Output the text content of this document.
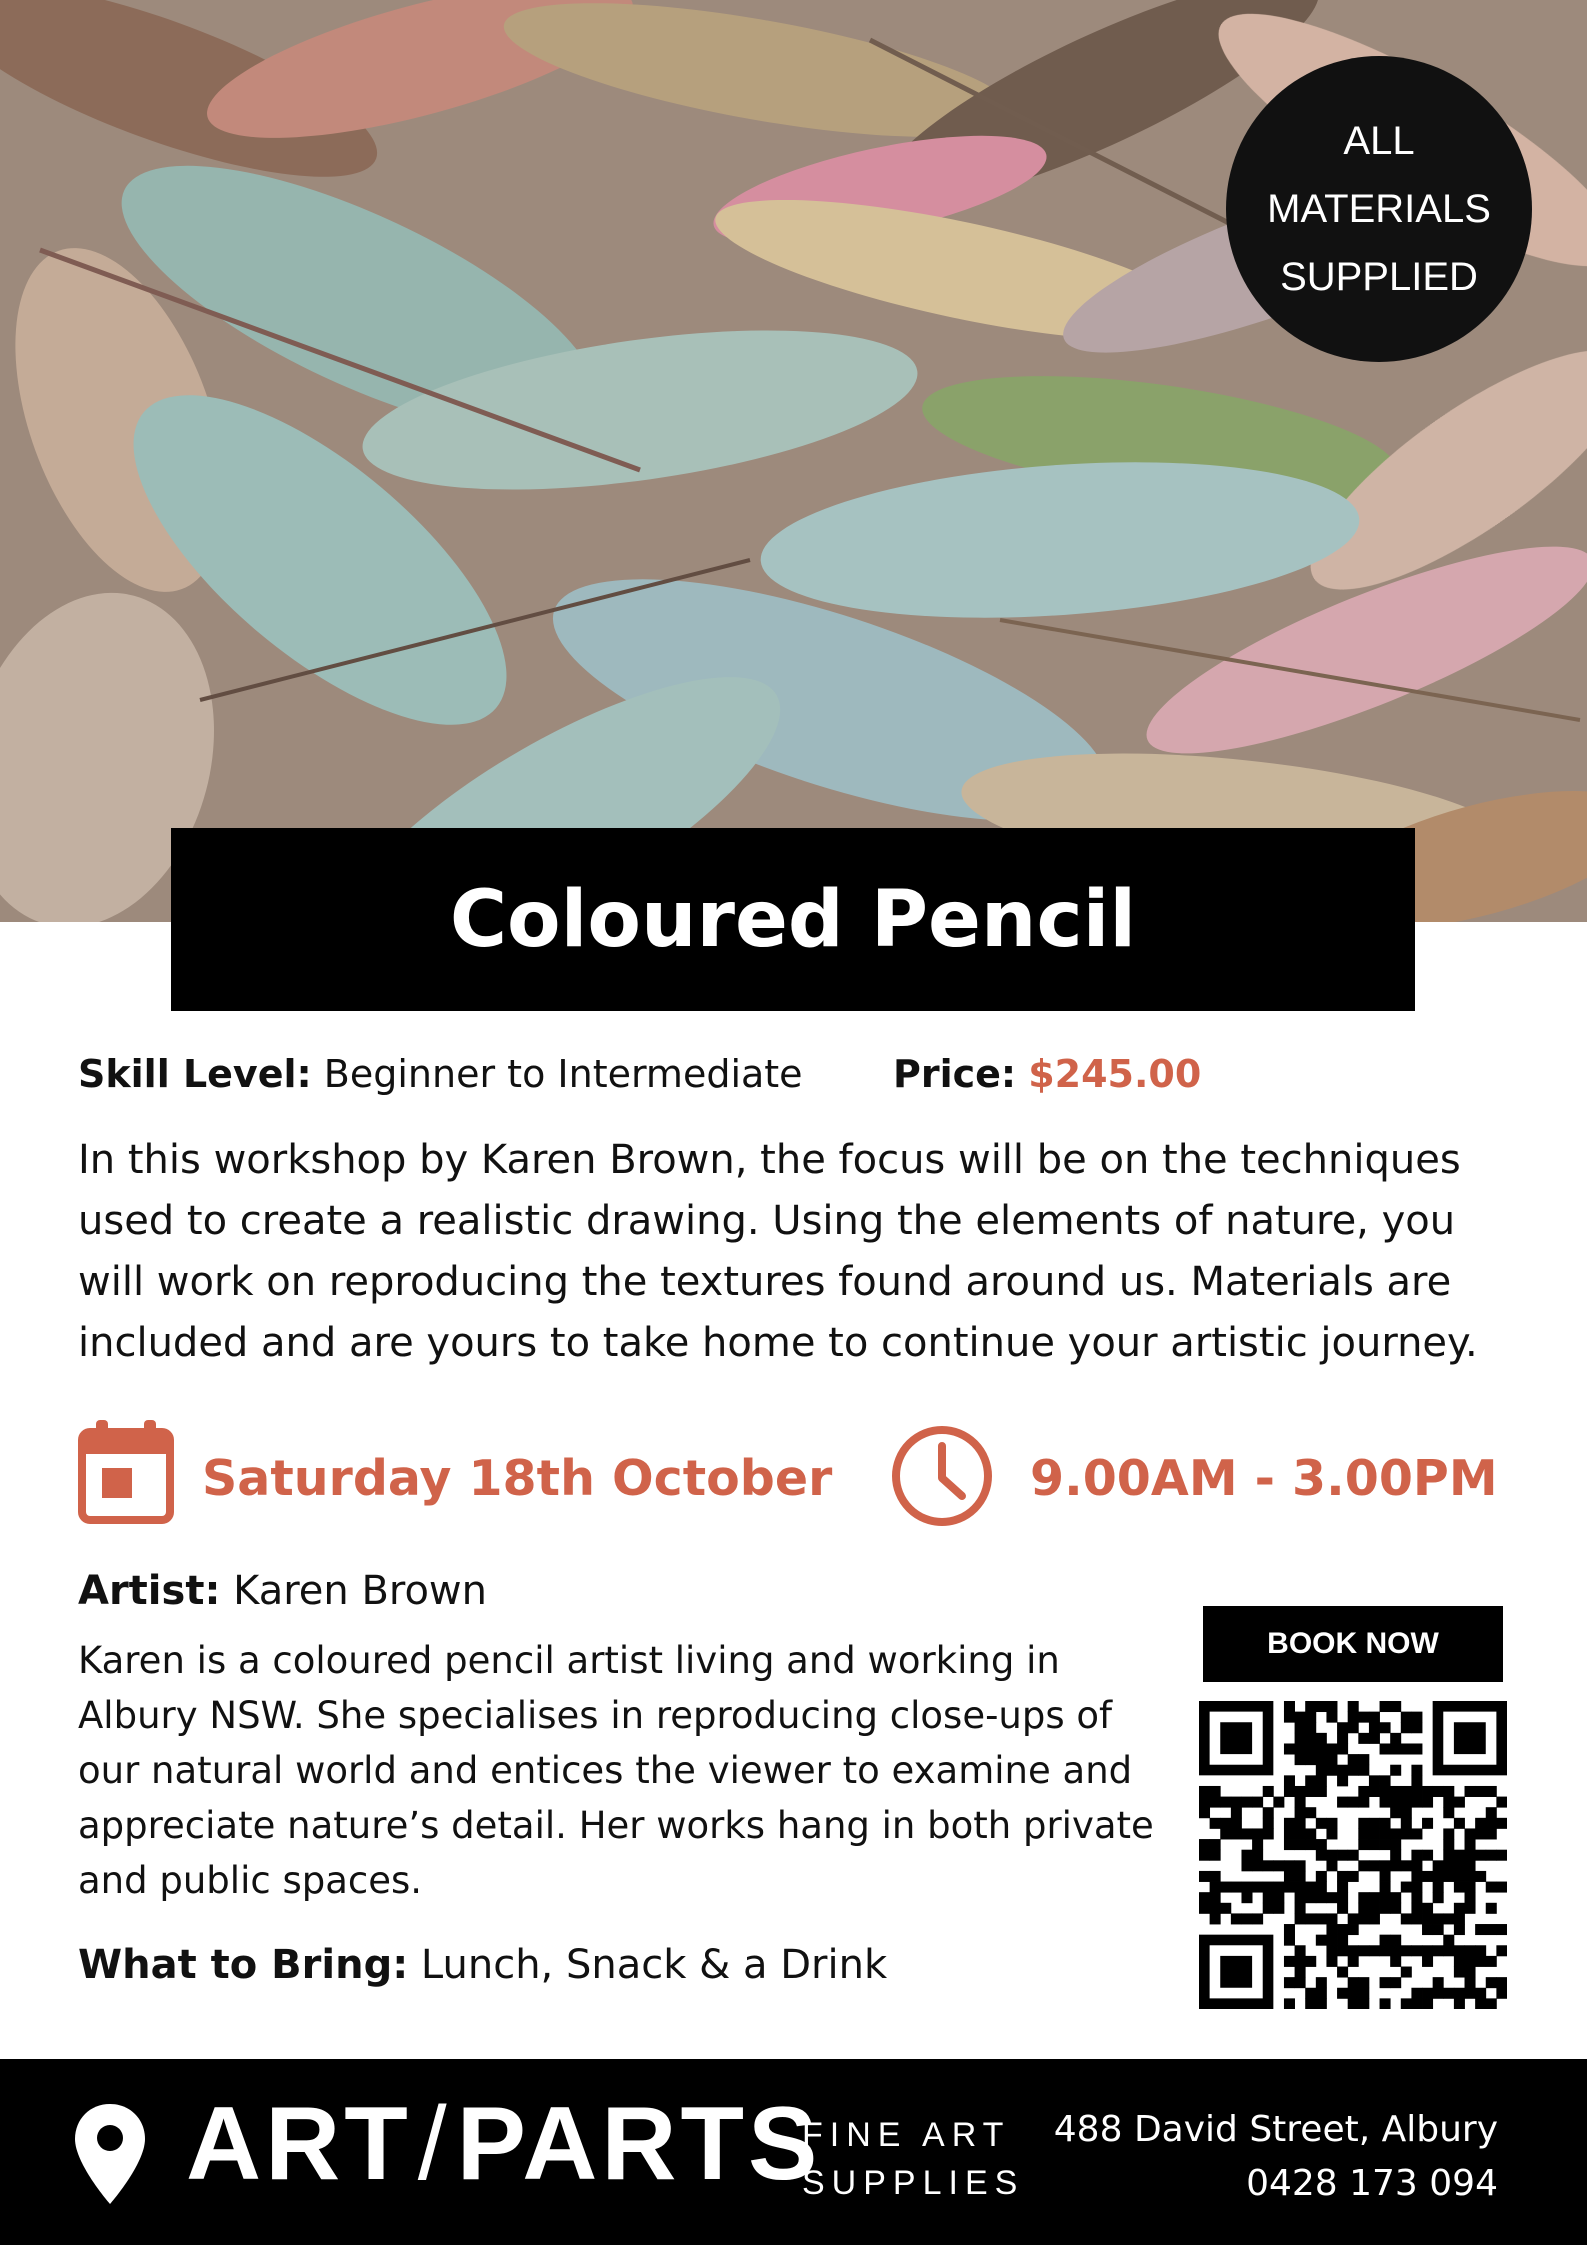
ALL
MATERIALS
SUPPLIED
Coloured Pencil
Skill Level: Beginner to Intermediate Price: $245.00
In this workshop by Karen Brown, the focus will be on the techniques used to create a realistic drawing. Using the elements of nature, you will work on reproducing the textures found around us. Materials are included and are yours to take home to continue your artistic journey.
Saturday 18th October	9.00AM - 3.00PM
Artist: Karen Brown
Karen is a coloured pencil artist living and working in Albury NSW. She specialises in reproducing close-ups of our natural world and entices the viewer to examine and appreciate nature’s detail. Her works hang in both private and public spaces.
What to Bring: Lunch, Snack & a Drink
BOOK NOW
ART/PARTS
FINE ART
SUPPLIES
488 David Street, Albury
0428 173 094
